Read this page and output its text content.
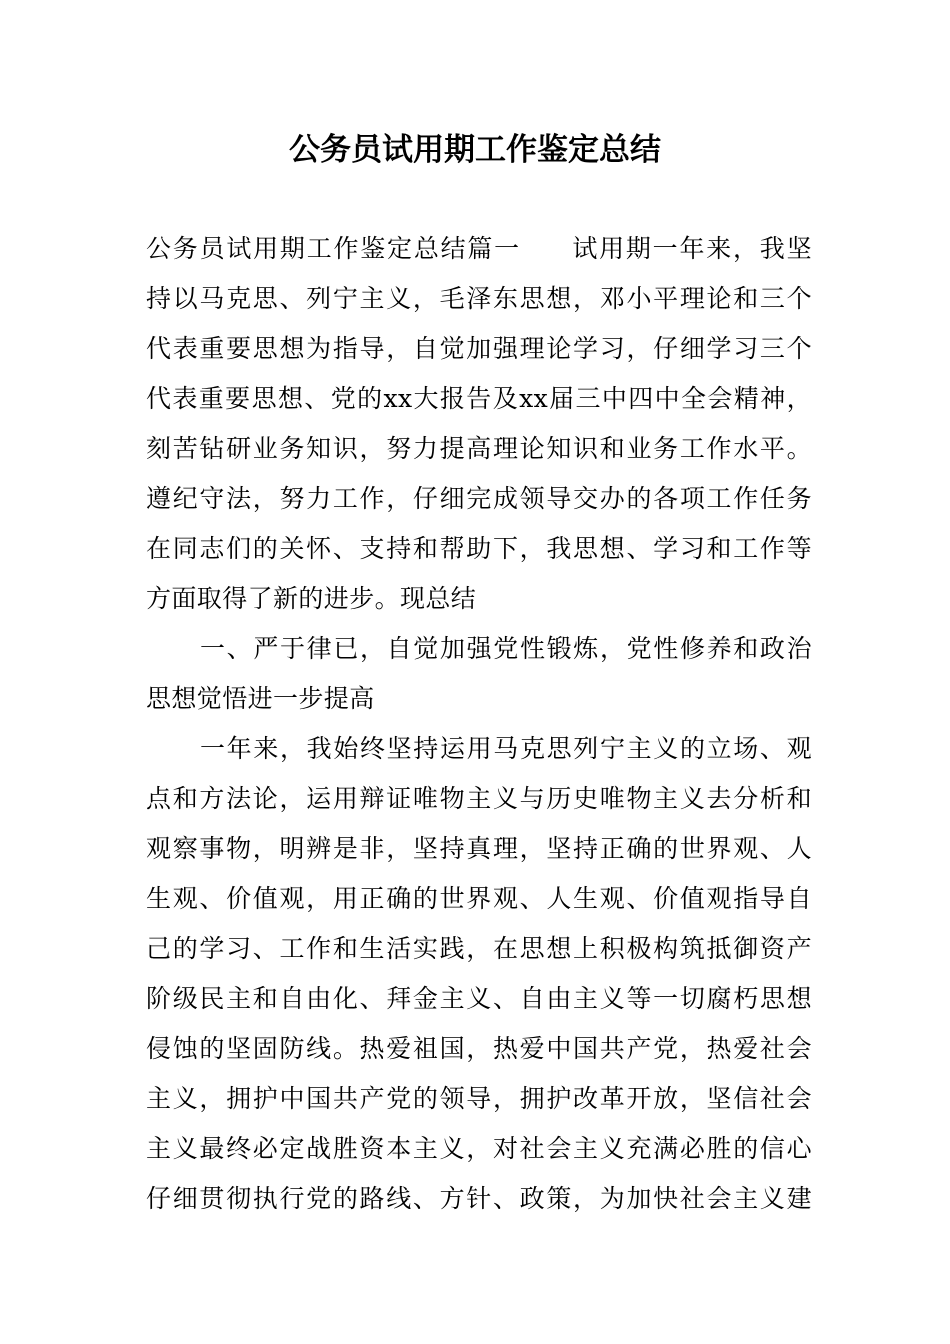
公务员试用期工作鉴定总结
公务员试用期工作鉴定总结篇一 试用期一年来，我坚
持以马克思、列宁主义，毛泽东思想，邓小平理论和三个
代表重要思想为指导，自觉加强理论学习，仔细学习三个
代表重要思想、党的xx大报告及xx届三中四中全会精神，
刻苦钻研业务知识，努力提高理论知识和业务工作水平。
遵纪守法，努力工作，仔细完成领导交办的各项工作任务
在同志们的关怀、支持和帮助下，我思想、学习和工作等
方面取得了新的进步。现总结
一、严于律已，自觉加强党性锻炼，党性修养和政治
思想觉悟进一步提高
一年来，我始终坚持运用马克思列宁主义的立场、观
点和方法论，运用辩证唯物主义与历史唯物主义去分析和
观察事物，明辨是非，坚持真理，坚持正确的世界观、人
生观、价值观，用正确的世界观、人生观、价值观指导自
己的学习、工作和生活实践，在思想上积极构筑抵御资产
阶级民主和自由化、拜金主义、自由主义等一切腐朽思想
侵蚀的坚固防线。热爱祖国，热爱中国共产党，热爱社会
主义，拥护中国共产党的领导，拥护改革开放，坚信社会
主义最终必定战胜资本主义，对社会主义充满必胜的信心
仔细贯彻执行党的路线、方针、政策，为加快社会主义建
